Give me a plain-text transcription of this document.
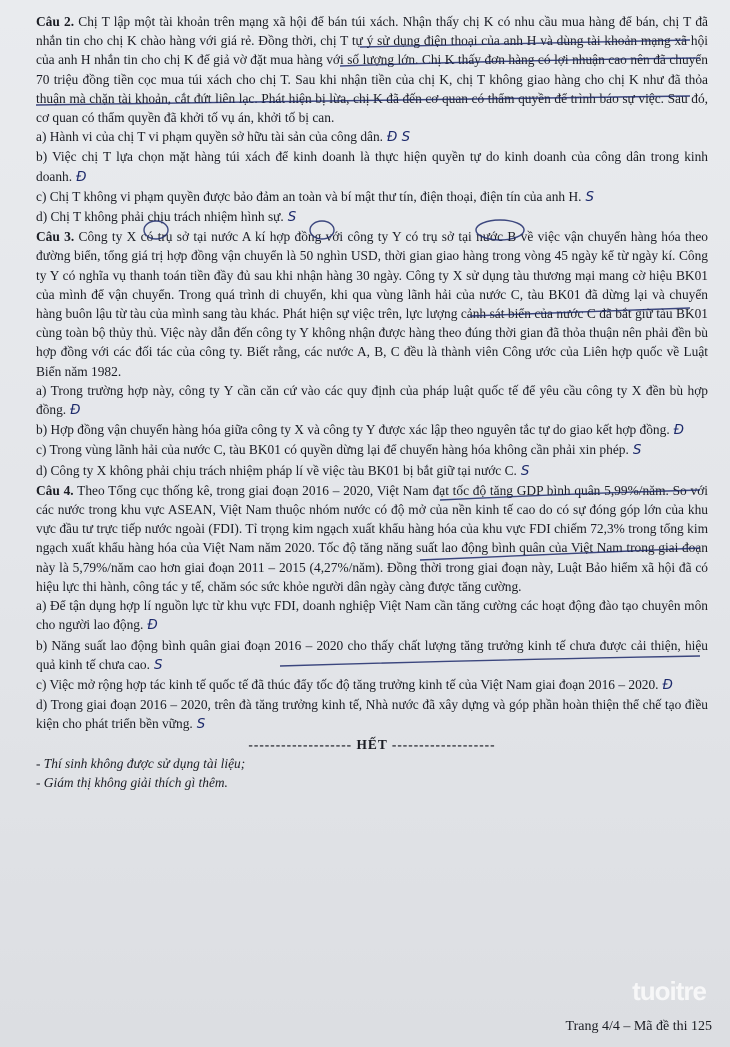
Câu 2. Chị T lập một tài khoản trên mạng xã hội để bán túi xách. Nhận thấy chị K có nhu cầu mua hàng để bán, chị T đã nhắn tin cho chị K chào hàng với giá rẻ. Đồng thời, chị T tự ý sử dụng điện thoại của anh H và dùng tài khoản mạng xã hội của anh H nhắn tin cho chị K để giả vờ đặt mua hàng với số lượng lớn. Chị K thấy đơn hàng có lợi nhuận cao nên đã chuyển 70 triệu đồng tiền cọc mua túi xách cho chị T. Sau khi nhận tiền của chị K, chị T không giao hàng cho chị K như đã thỏa thuận mà chặn tài khoản, cắt đứt liên lạc. Phát hiện bị lừa, chị K đã đến cơ quan có thẩm quyền để trình báo sự việc. Sau đó, cơ quan có thẩm quyền đã khởi tố vụ án, khởi tố bị can.

a) Hành vi của chị T vi phạm quyền sở hữu tài sản của công dân. Đ S

b) Việc chị T lựa chọn mặt hàng túi xách để kinh doanh là thực hiện quyền tự do kinh doanh của công dân trong kinh doanh. Đ

c) Chị T không vi phạm quyền được bảo đảm an toàn và bí mật thư tín, điện thoại, điện tín của anh H. S

d) Chị T không phải chịu trách nhiệm hình sự. S

Câu 3. Công ty X có trụ sở tại nước A kí hợp đồng với công ty Y có trụ sở tại nước B về việc vận chuyển hàng hóa theo đường biển, tổng giá trị hợp đồng vận chuyển là 50 nghìn USD, thời gian giao hàng trong vòng 45 ngày kể từ ngày kí. Công ty Y có nghĩa vụ thanh toán tiền đầy đủ sau khi nhận hàng 30 ngày. Công ty X sử dụng tàu thương mại mang cờ hiệu BK01 của mình để vận chuyển. Trong quá trình di chuyển, khi qua vùng lãnh hải của nước C, tàu BK01 đã dừng lại và chuyển hàng buôn lậu từ tàu của mình sang tàu khác. Phát hiện sự việc trên, lực lượng cảnh sát biển của nước C đã bắt giữ tàu BK01 cùng toàn bộ thủy thủ. Việc này dẫn đến công ty Y không nhận được hàng theo đúng thời gian đã thỏa thuận nên phải đền bù hợp đồng với các đối tác của công ty. Biết rằng, các nước A, B, C đều là thành viên Công ước của Liên hợp quốc về Luật Biển năm 1982.

a) Trong trường hợp này, công ty Y cần căn cứ vào các quy định của pháp luật quốc tế để yêu cầu công ty X đền bù hợp đồng. Đ

b) Hợp đồng vận chuyển hàng hóa giữa công ty X và công ty Y được xác lập theo nguyên tắc tự do giao kết hợp đồng. Đ

c) Trong vùng lãnh hải của nước C, tàu BK01 có quyền dừng lại để chuyển hàng hóa không cần phải xin phép. S

d) Công ty X không phải chịu trách nhiệm pháp lí về việc tàu BK01 bị bắt giữ tại nước C. S

Câu 4. Theo Tổng cục thống kê, trong giai đoạn 2016 – 2020, Việt Nam đạt tốc độ tăng GDP bình quân 5,99%/năm. So với các nước trong khu vực ASEAN, Việt Nam thuộc nhóm nước có độ mở của nền kinh tế cao do có sự đóng góp lớn của khu vực đầu tư trực tiếp nước ngoài (FDI). Tỉ trọng kim ngạch xuất khẩu hàng hóa của khu vực FDI chiếm 72,3% trong tổng kim ngạch xuất khẩu hàng hóa của Việt Nam năm 2020. Tốc độ tăng năng suất lao động bình quân của Việt Nam trong giai đoạn này là 5,79%/năm cao hơn giai đoạn 2011 – 2015 (4,27%/năm). Đồng thời trong giai đoạn này, Luật Bảo hiểm xã hội đã có hiệu lực thi hành, công tác y tế, chăm sóc sức khỏe người dân ngày càng được tăng cường.

a) Để tận dụng hợp lí nguồn lực từ khu vực FDI, doanh nghiệp Việt Nam cần tăng cường các hoạt động đào tạo chuyên môn cho người lao động. Đ

b) Năng suất lao động bình quân giai đoạn 2016 – 2020 cho thấy chất lượng tăng trưởng kinh tế chưa được cải thiện, hiệu quả kinh tế chưa cao. S

c) Việc mở rộng hợp tác kinh tế quốc tế đã thúc đẩy tốc độ tăng trưởng kinh tế của Việt Nam giai đoạn 2016 – 2020. Đ

d) Trong giai đoạn 2016 – 2020, trên đà tăng trưởng kinh tế, Nhà nước đã xây dựng và góp phần hoàn thiện thể chế tạo điều kiện cho phát triển bền vững. S

------------------- HẾT -------------------

- Thí sinh không được sử dụng tài liệu;

- Giám thị không giải thích gì thêm.

tuoitre
Trang 4/4 – Mã đề thi 125
